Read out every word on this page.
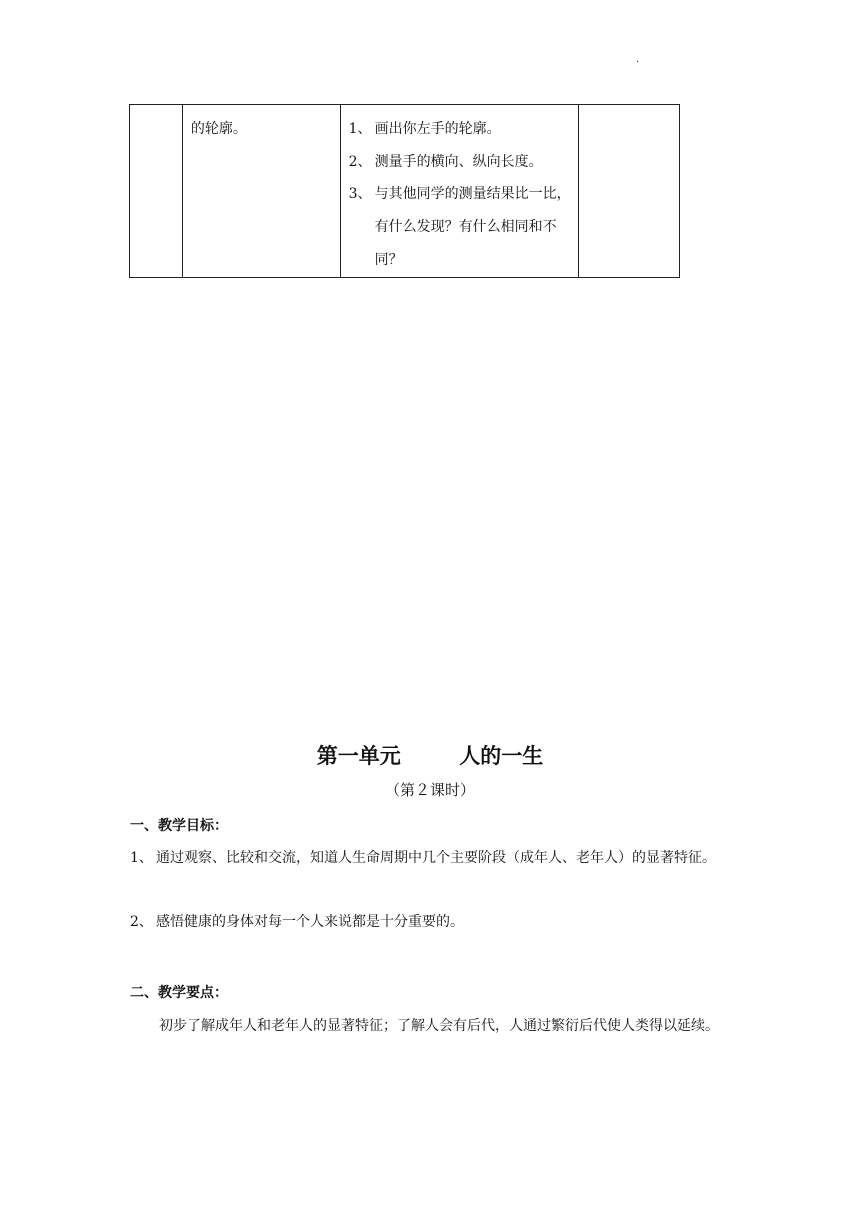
·

的轮廓。	1、 画出你左手的轮廓。
2、 测量手的横向、纵向长度。
3、 与其他同学的测量结果比一比，有什么发现？有什么相同和不同？

第一单元        人的一生
（第２课时）
一、教学目标：
1、 通过观察、比较和交流，知道人生命周期中几个主要阶段（成年人、老年人）的显著特征。
2、 感悟健康的身体对每一个人来说都是十分重要的。
二、教学要点：
初步了解成年人和老年人的显著特征；了解人会有后代，人通过繁衍后代使人类得以延续。
